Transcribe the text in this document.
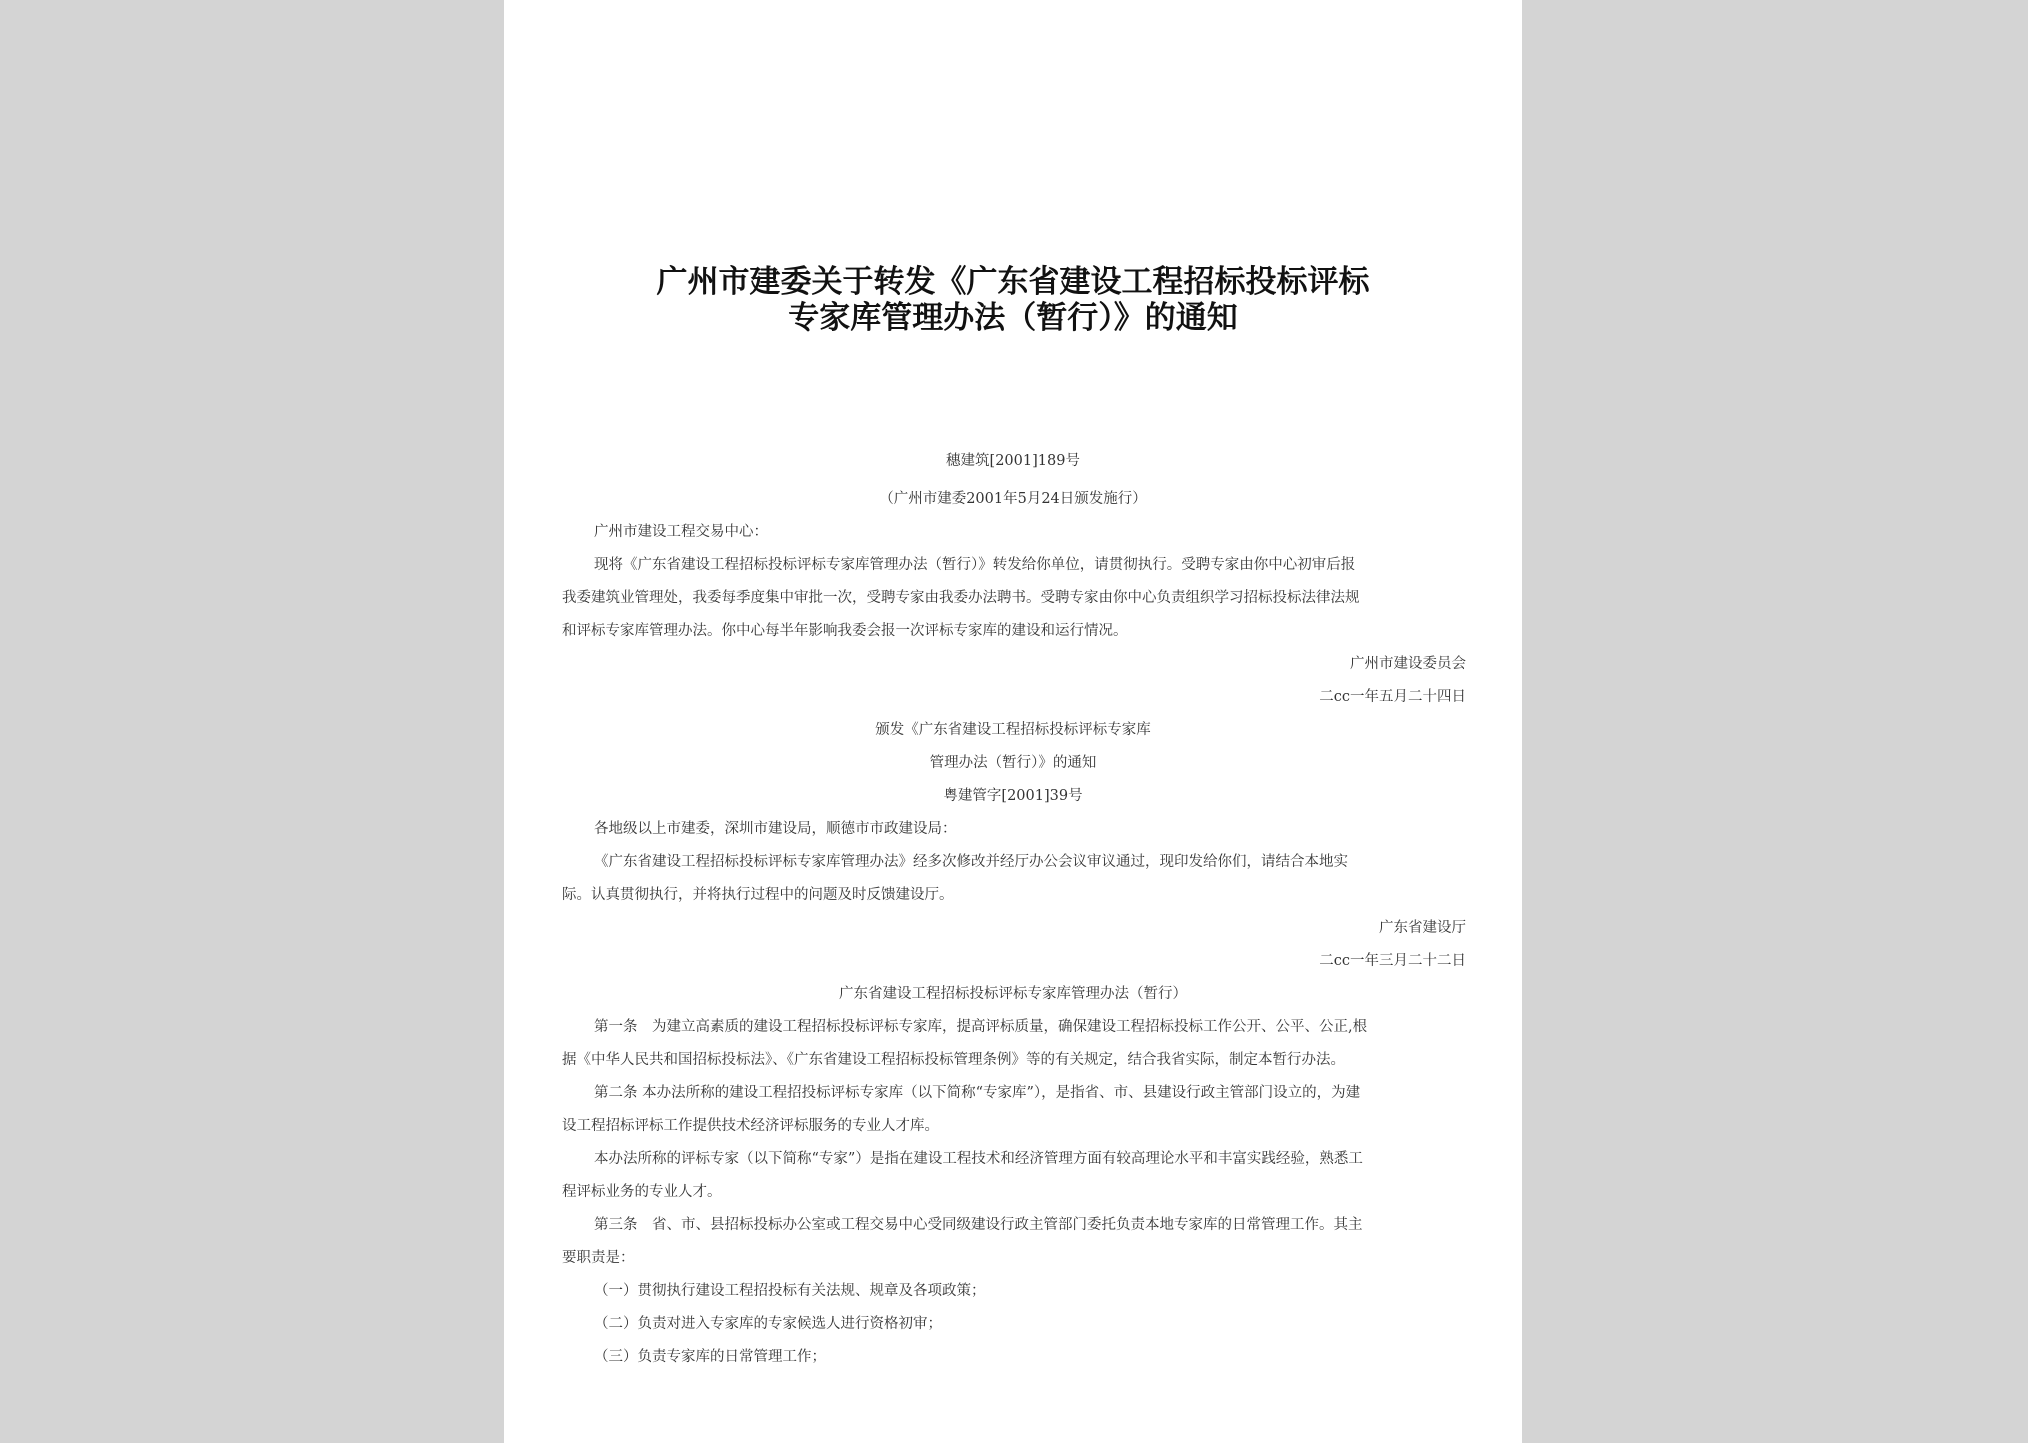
广州市建委关于转发《广东省建设工程招标投标评标
专家库管理办法（暂行）》的通知
穗建筑[2001]189号
（广州市建委2001年5月24日颁发施行）
广州市建设工程交易中心：
现将《广东省建设工程招标投标评标专家库管理办法（暂行）》转发给你单位，请贯彻执行。受聘专家由你中心初审后报
我委建筑业管理处，我委每季度集中审批一次，受聘专家由我委办法聘书。受聘专家由你中心负责组织学习招标投标法律法规
和评标专家库管理办法。你中心每半年影响我委会报一次评标专家库的建设和运行情况。
广州市建设委员会
二cc一年五月二十四日
颁发《广东省建设工程招标投标评标专家库
管理办法（暂行）》的通知
粤建管字[2001]39号
各地级以上市建委，深圳市建设局，顺德市市政建设局：
《广东省建设工程招标投标评标专家库管理办法》经多次修改并经厅办公会议审议通过，现印发给你们，请结合本地实
际。认真贯彻执行，并将执行过程中的问题及时反馈建设厅。
广东省建设厅
二cc一年三月二十二日
广东省建设工程招标投标评标专家库管理办法（暂行）
第一条　为建立高素质的建设工程招标投标评标专家库，提高评标质量，确保建设工程招标投标工作公开、公平、公正,根
据《中华人民共和国招标投标法》、《广东省建设工程招标投标管理条例》等的有关规定，结合我省实际，制定本暂行办法。
第二条 本办法所称的建设工程招投标评标专家库（以下简称“专家库”），是指省、市、县建设行政主管部门设立的，为建
设工程招标评标工作提供技术经济评标服务的专业人才库。
本办法所称的评标专家（以下简称“专家”）是指在建设工程技术和经济管理方面有较高理论水平和丰富实践经验，熟悉工
程评标业务的专业人才。
第三条　省、市、县招标投标办公室或工程交易中心受同级建设行政主管部门委托负责本地专家库的日常管理工作。其主
要职责是：
（一）贯彻执行建设工程招投标有关法规、规章及各项政策；
（二）负责对进入专家库的专家候选人进行资格初审；
（三）负责专家库的日常管理工作；
